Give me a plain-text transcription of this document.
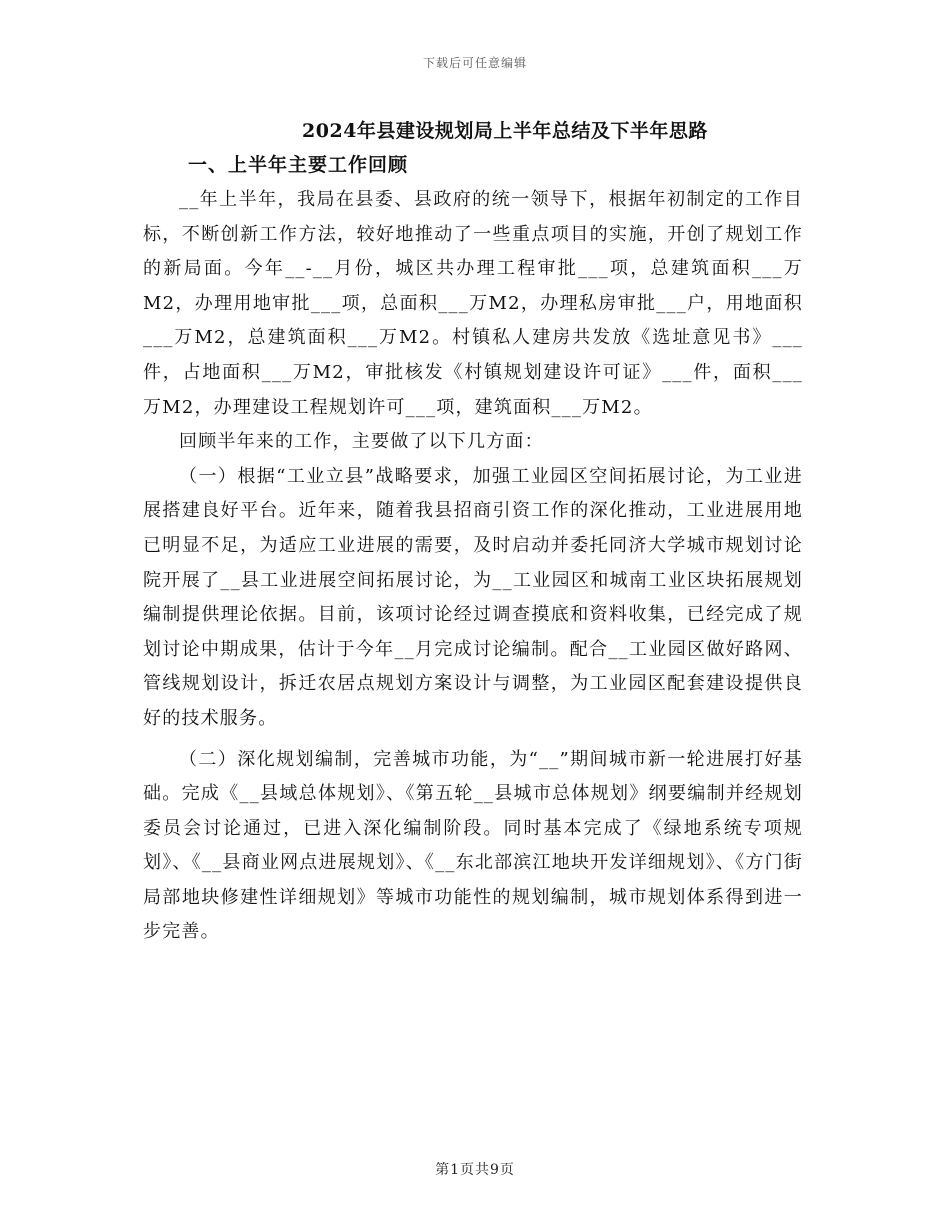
下载后可任意编辑
2024年县建设规划局上半年总结及下半年思路
一、上半年主要工作回顾

__年上半年，我局在县委、县政府的统一领导下，根据年初制定的工作目标，不断创新工作方法，较好地推动了一些重点项目的实施，开创了规划工作的新局面。今年__-__月份，城区共办理工程审批___项，总建筑面积___万M2，办理用地审批___项，总面积___万M2，办理私房审批___户，用地面积___万M2，总建筑面积___万M2。村镇私人建房共发放《选址意见书》___件，占地面积___万M2，审批核发《村镇规划建设许可证》___件，面积___万M2，办理建设工程规划许可___项，建筑面积___万M2。

回顾半年来的工作，主要做了以下几方面：

（一）根据“工业立县”战略要求，加强工业园区空间拓展讨论，为工业进展搭建良好平台。近年来，随着我县招商引资工作的深化推动，工业进展用地已明显不足，为适应工业进展的需要，及时启动并委托同济大学城市规划讨论院开展了__县工业进展空间拓展讨论，为__工业园区和城南工业区块拓展规划编制提供理论依据。目前，该项讨论经过调查摸底和资料收集，已经完成了规划讨论中期成果，估计于今年__月完成讨论编制。配合__工业园区做好路网、管线规划设计，拆迁农居点规划方案设计与调整，为工业园区配套建设提供良好的技术服务。

（二）深化规划编制，完善城市功能，为“__”期间城市新一轮进展打好基础。完成《__县域总体规划》、《第五轮__县城市总体规划》纲要编制并经规划委员会讨论通过，已进入深化编制阶段。同时基本完成了《绿地系统专项规划》、《__县商业网点进展规划》、《__东北部滨江地块开发详细规划》、《方门街局部地块修建性详细规划》等城市功能性的规划编制，城市规划体系得到进一步完善。

第1页共9页
